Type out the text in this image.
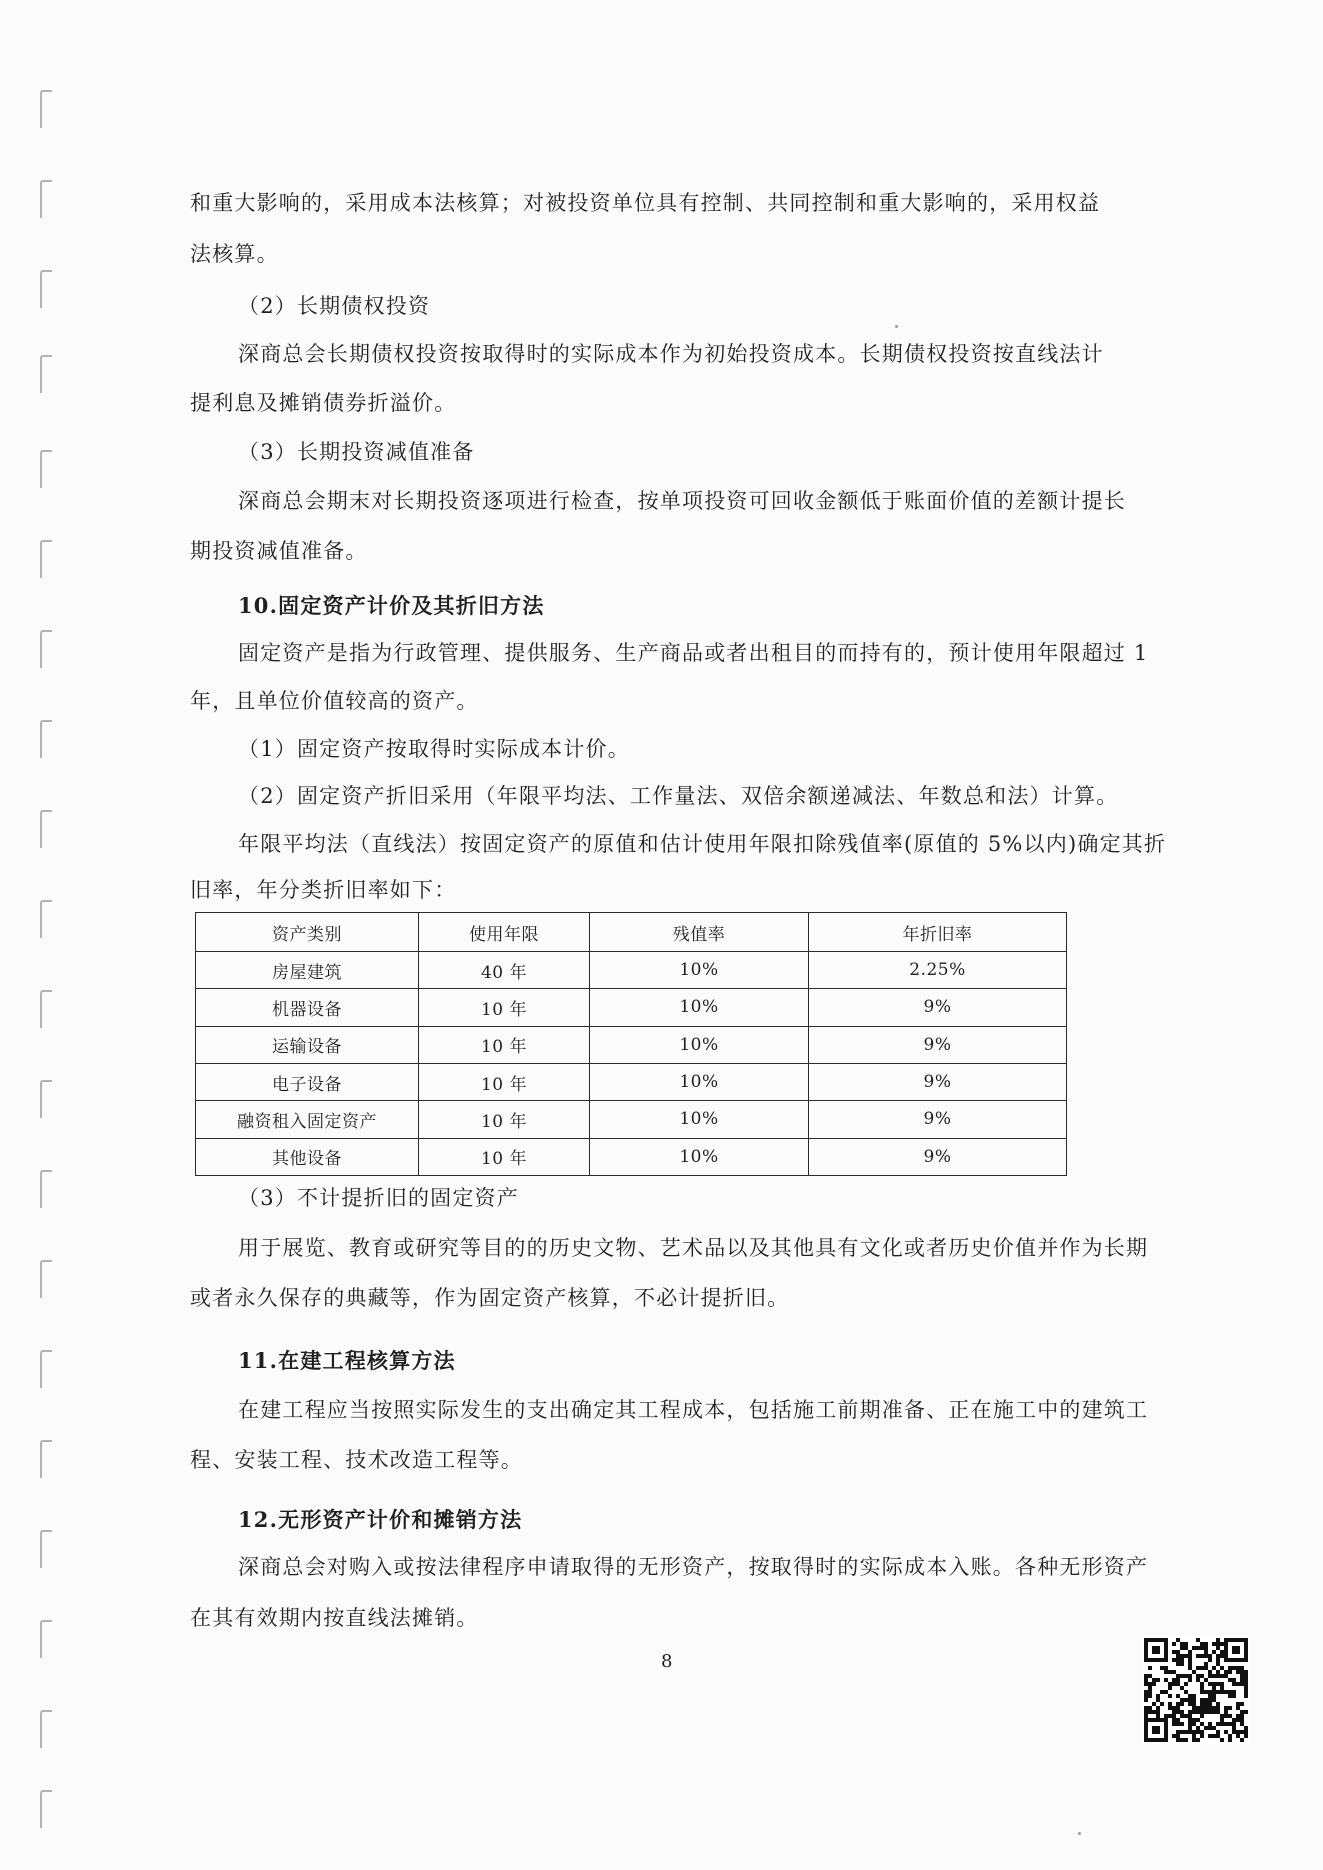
和重大影响的，采用成本法核算；对被投资单位具有控制、共同控制和重大影响的，采用权益
法核算。
（2）长期债权投资
深商总会长期债权投资按取得时的实际成本作为初始投资成本。长期债权投资按直线法计
提利息及摊销债券折溢价。
（3）长期投资减值准备
深商总会期末对长期投资逐项进行检查，按单项投资可回收金额低于账面价值的差额计提长
期投资减值准备。
10.固定资产计价及其折旧方法
固定资产是指为行政管理、提供服务、生产商品或者出租目的而持有的，预计使用年限超过 1
年，且单位价值较高的资产。
（1）固定资产按取得时实际成本计价。
（2）固定资产折旧采用（年限平均法、工作量法、双倍余额递减法、年数总和法）计算。
年限平均法（直线法）按固定资产的原值和估计使用年限扣除残值率(原值的 5%以内)确定其折
旧率，年分类折旧率如下：
资产类别	使用年限	残值率	年折旧率
房屋建筑	40 年	10%	2.25%
机器设备	10 年	10%	9%
运输设备	10 年	10%	9%
电子设备	10 年	10%	9%
融资租入固定资产	10 年	10%	9%
其他设备	10 年	10%	9%
（3）不计提折旧的固定资产
用于展览、教育或研究等目的的历史文物、艺术品以及其他具有文化或者历史价值并作为长期
或者永久保存的典藏等，作为固定资产核算，不必计提折旧。
11.在建工程核算方法
在建工程应当按照实际发生的支出确定其工程成本，包括施工前期准备、正在施工中的建筑工
程、安装工程、技术改造工程等。
12.无形资产计价和摊销方法
深商总会对购入或按法律程序申请取得的无形资产，按取得时的实际成本入账。各种无形资产
在其有效期内按直线法摊销。
8
